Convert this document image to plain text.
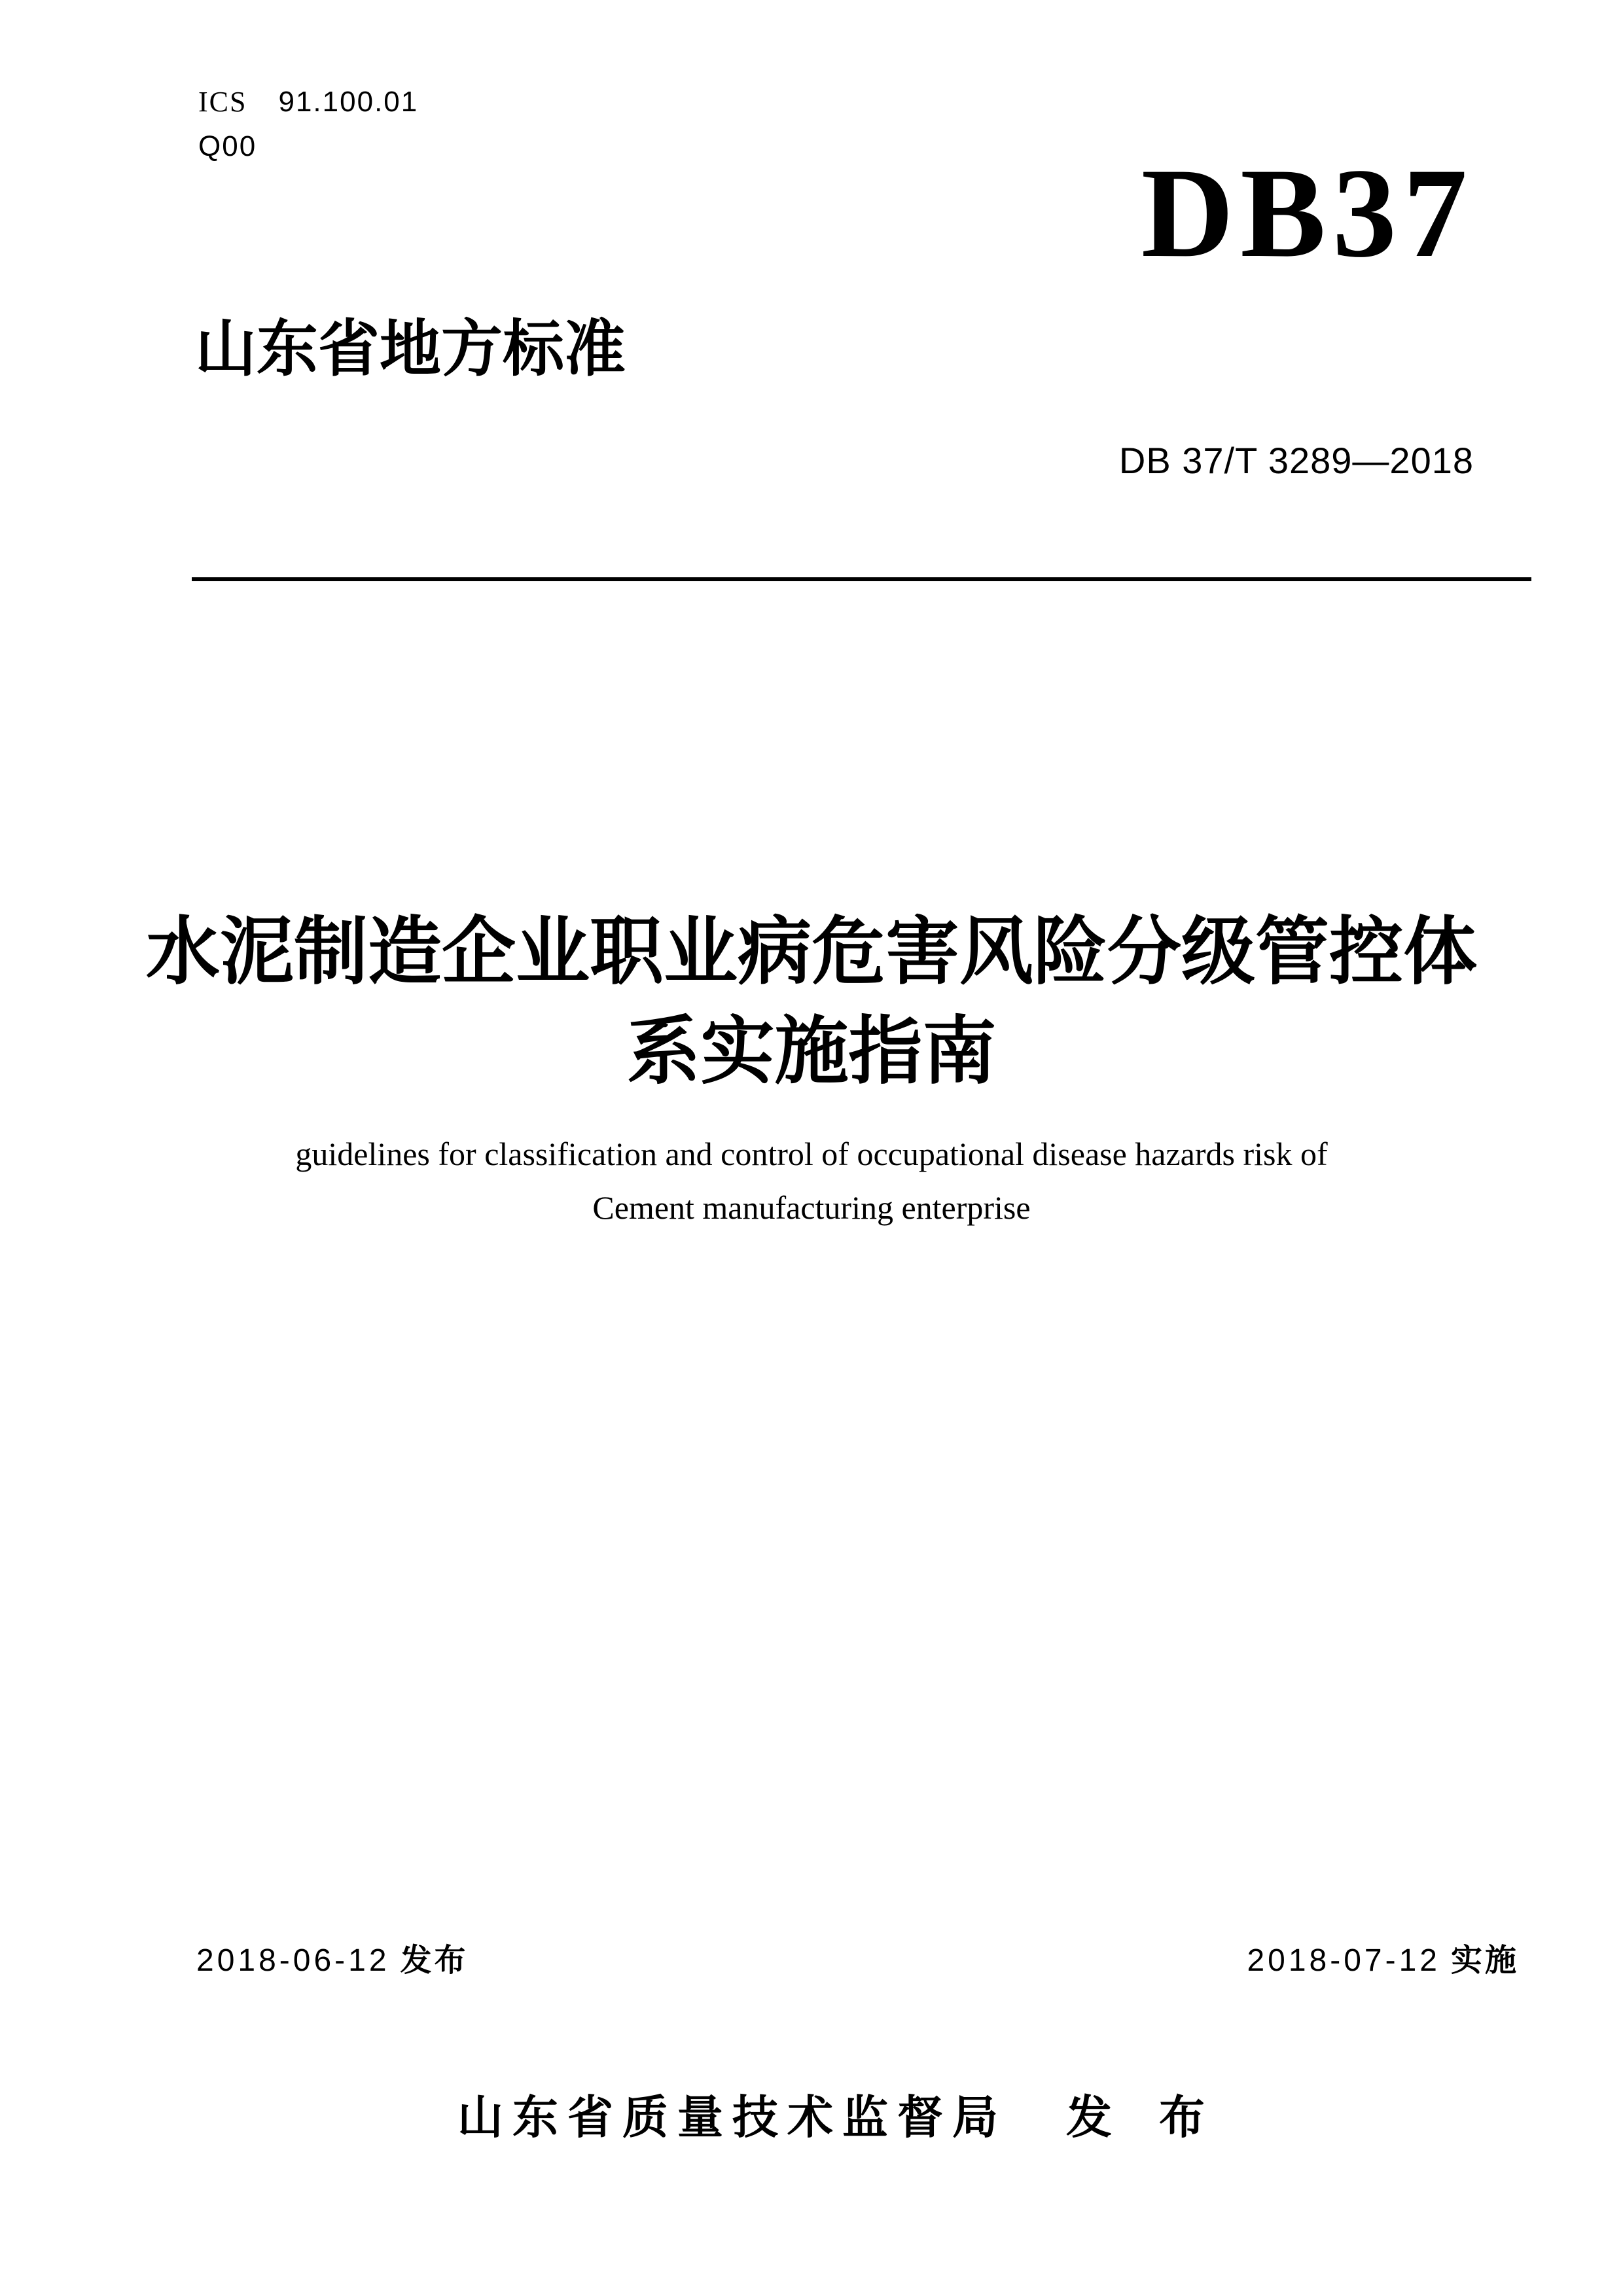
ICS 91.100.01
Q00	DB37
山东省地方标准
DB 37/T 3289—2018
水泥制造企业职业病危害风险分级管控体
系实施指南
guidelines for classification and control of occupational disease hazards risk of
Cement manufacturing enterprise
2018-06-12 发布	2018-07-12 实施
山东省质量技术监督局 发布
